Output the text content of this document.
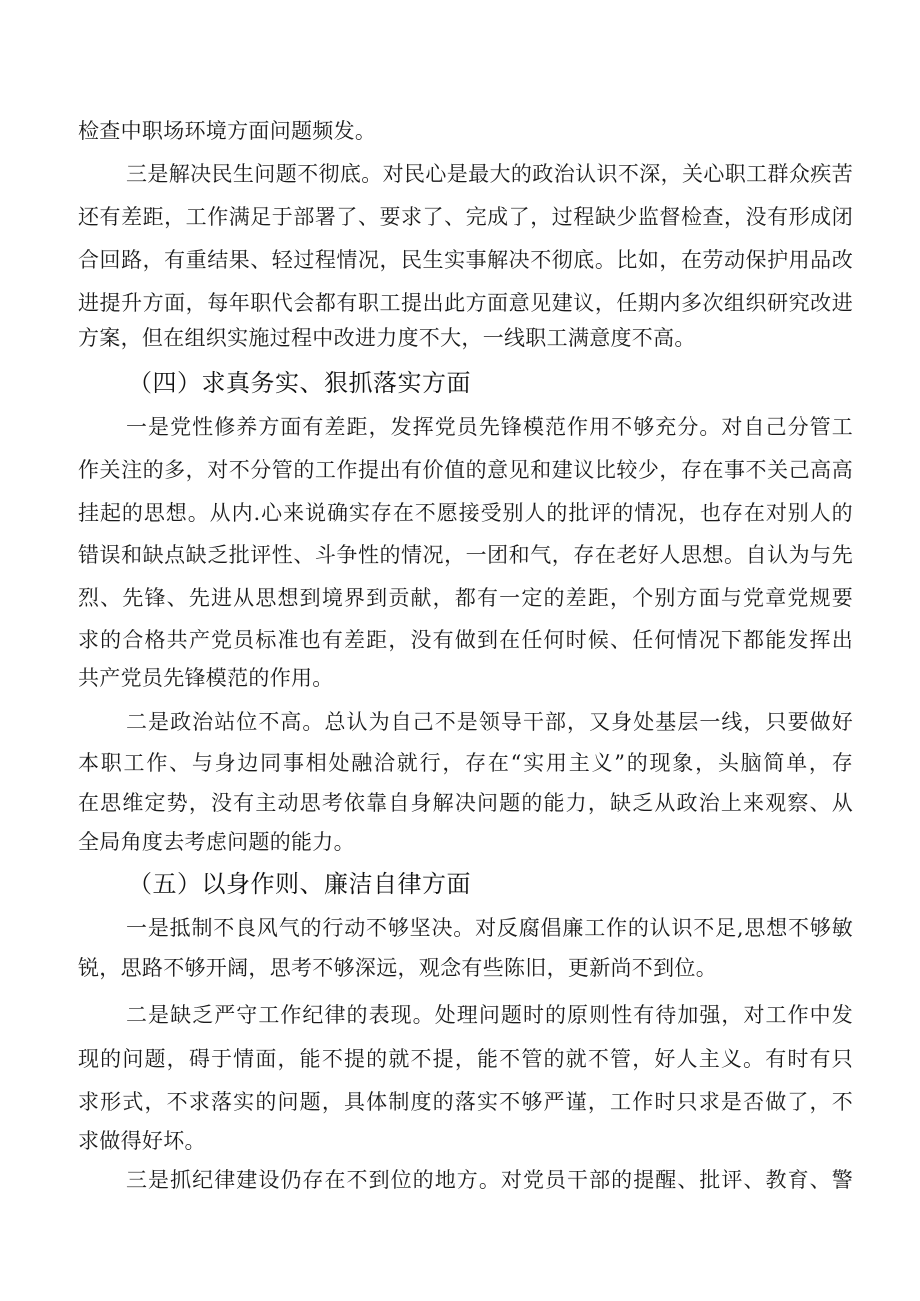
检查中职场环境方面问题频发。
三是解决民生问题不彻底。对民心是最大的政治认识不深，关心职工群众疾苦
还有差距，工作满足于部署了、要求了、完成了，过程缺少监督检查，没有形成闭
合回路，有重结果、轻过程情况，民生实事解决不彻底。比如，在劳动保护用品改
进提升方面，每年职代会都有职工提出此方面意见建议，任期内多次组织研究改进
方案，但在组织实施过程中改进力度不大，一线职工满意度不高。
（四）求真务实、狠抓落实方面
一是党性修养方面有差距，发挥党员先锋模范作用不够充分。对自己分管工
作关注的多，对不分管的工作提出有价值的意见和建议比较少，存在事不关己高高
挂起的思想。从内.心来说确实存在不愿接受别人的批评的情况，也存在对别人的
错误和缺点缺乏批评性、斗争性的情况，一团和气，存在老好人思想。自认为与先
烈、先锋、先进从思想到境界到贡献，都有一定的差距，个别方面与党章党规要
求的合格共产党员标准也有差距，没有做到在任何时候、任何情况下都能发挥出
共产党员先锋模范的作用。
二是政治站位不高。总认为自己不是领导干部，又身处基层一线，只要做好
本职工作、与身边同事相处融洽就行，存在“实用主义”的现象，头脑简单，存
在思维定势，没有主动思考依靠自身解决问题的能力，缺乏从政治上来观察、从
全局角度去考虑问题的能力。
（五）以身作则、廉洁自律方面
一是抵制不良风气的行动不够坚决。对反腐倡廉工作的认识不足,思想不够敏
锐，思路不够开阔，思考不够深远，观念有些陈旧，更新尚不到位。
二是缺乏严守工作纪律的表现。处理问题时的原则性有待加强，对工作中发
现的问题，碍于情面，能不提的就不提，能不管的就不管，好人主义。有时有只
求形式，不求落实的问题，具体制度的落实不够严谨，工作时只求是否做了，不
求做得好坏。
三是抓纪律建设仍存在不到位的地方。对党员干部的提醒、批评、教育、警
